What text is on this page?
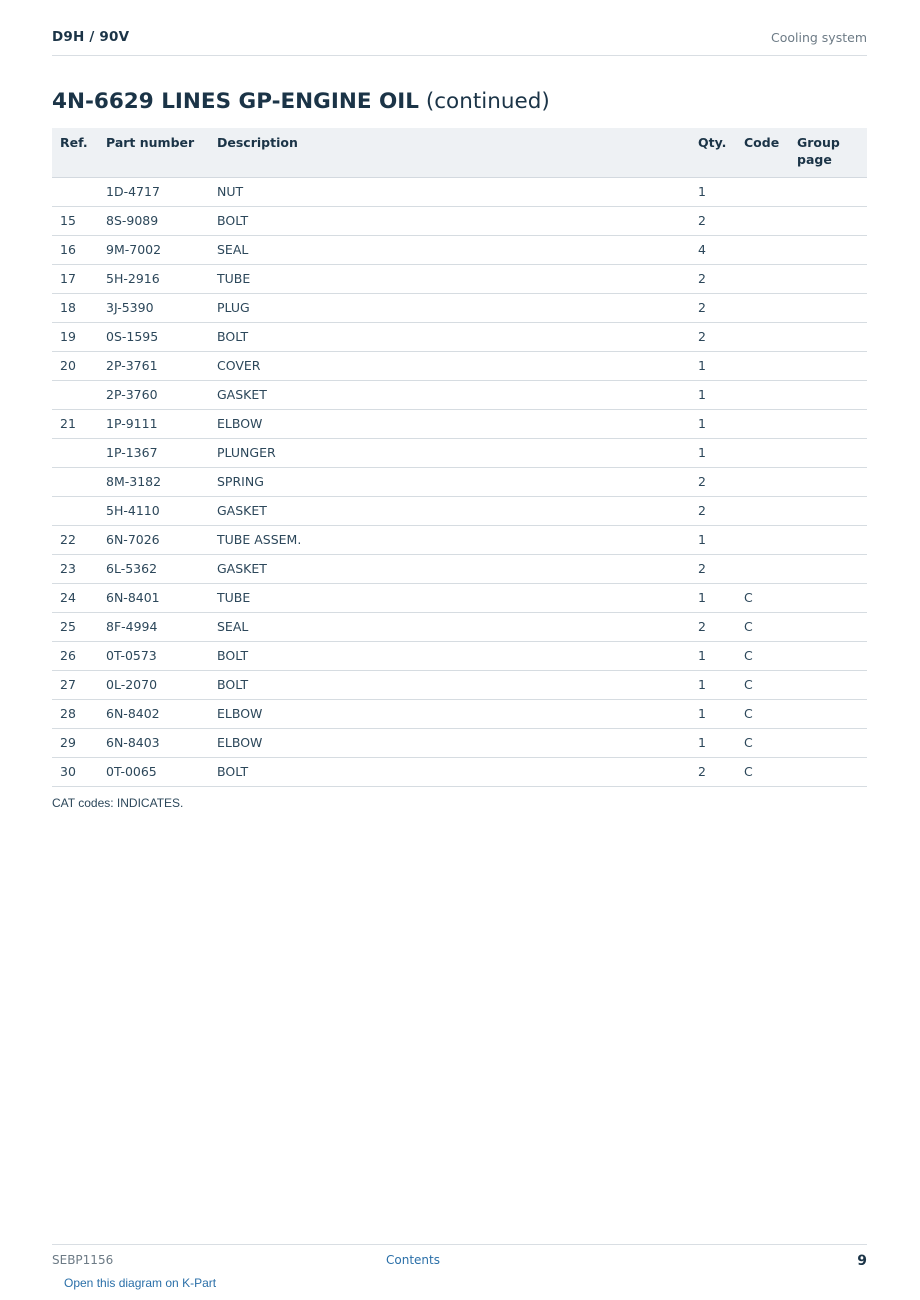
D9H / 90V	Cooling system
4N-6629 LINES GP-ENGINE OIL (continued)
Ref.	Part number	Description	Qty.	Code	Group page
	1D-4717	NUT	1		
15	8S-9089	BOLT	2		
16	9M-7002	SEAL	4		
17	5H-2916	TUBE	2		
18	3J-5390	PLUG	2		
19	0S-1595	BOLT	2		
20	2P-3761	COVER	1		
	2P-3760	GASKET	1		
21	1P-9111	ELBOW	1		
	1P-1367	PLUNGER	1		
	8M-3182	SPRING	2		
	5H-4110	GASKET	2		
22	6N-7026	TUBE ASSEM.	1		
23	6L-5362	GASKET	2		
24	6N-8401	TUBE	1	C	
25	8F-4994	SEAL	2	C	
26	0T-0573	BOLT	1	C	
27	0L-2070	BOLT	1	C	
28	6N-8402	ELBOW	1	C	
29	6N-8403	ELBOW	1	C	
30	0T-0065	BOLT	2	C	
CAT codes: INDICATES.
SEBP1156	Contents	9
Open this diagram on K-Part
